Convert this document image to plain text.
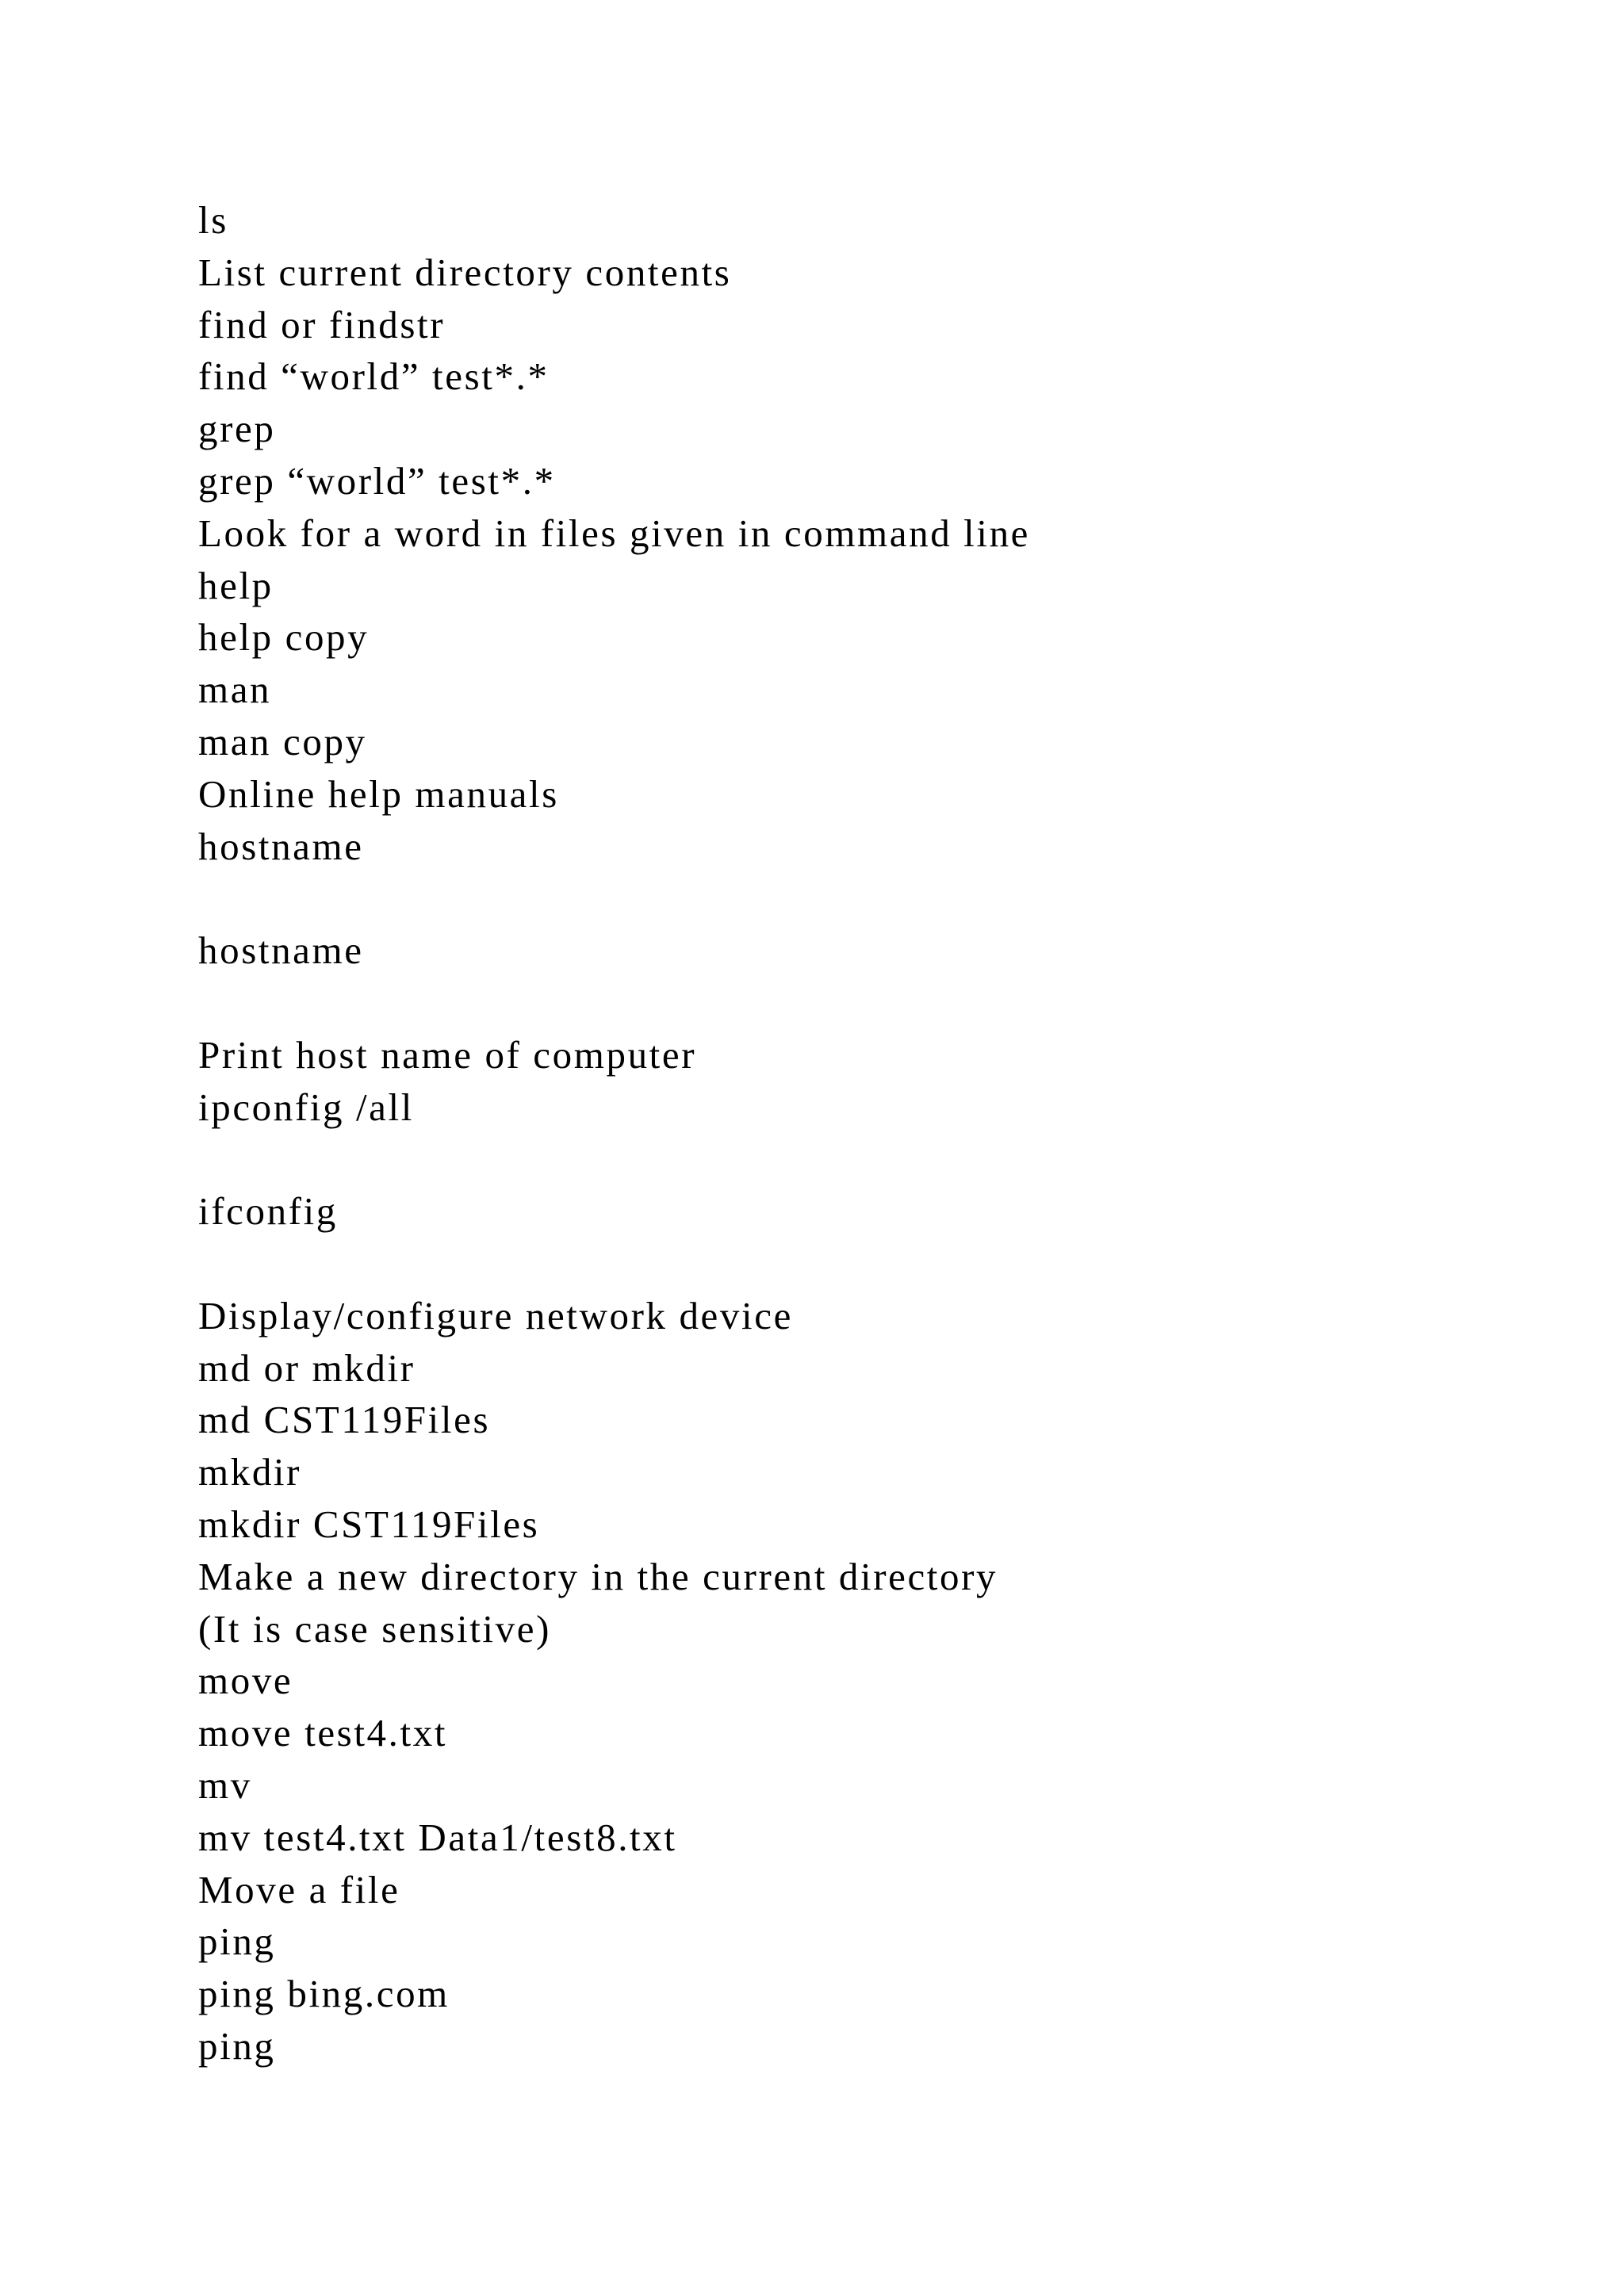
ls
List current directory contents
find or findstr
find “world” test*.*
grep
grep “world” test*.*
Look for a word in files given in command line
help
help copy
man
man copy
Online help manuals
hostname
hostname
Print host name of computer
ipconfig /all
ifconfig
Display/configure network device
md or mkdir
md CST119Files
mkdir
mkdir CST119Files
Make a new directory in the current directory
(It is case sensitive)
move
move test4.txt
mv
mv test4.txt Data1/test8.txt
Move a file
ping
ping bing.com
ping
